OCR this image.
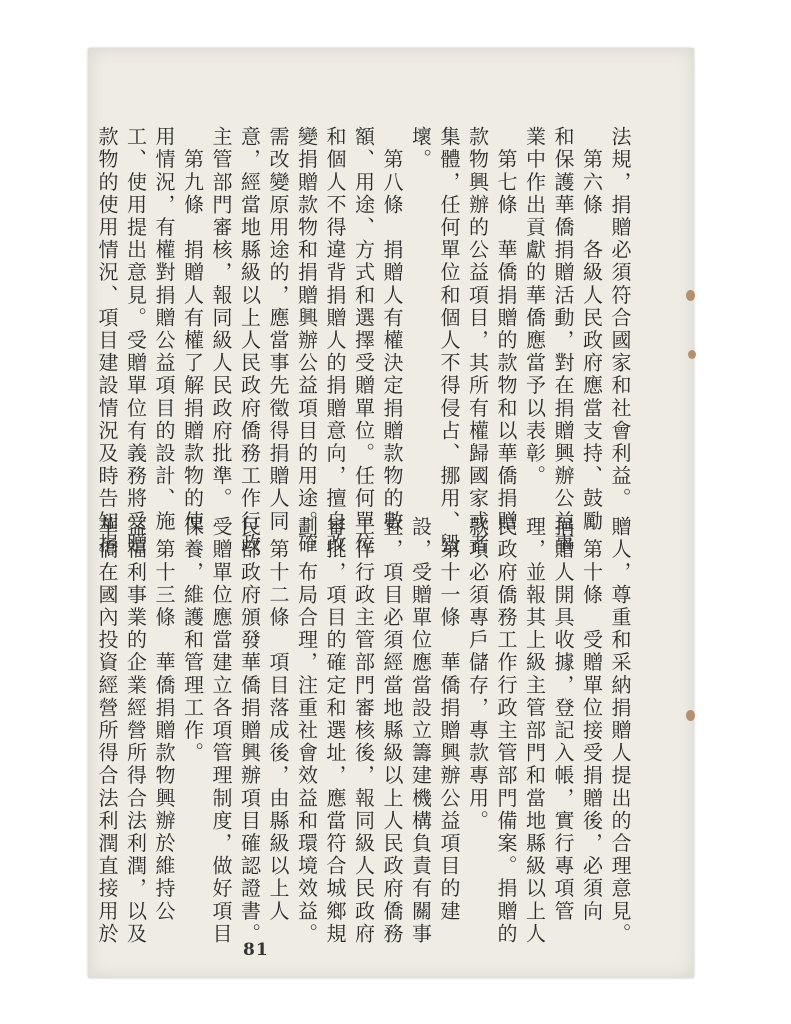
法規，捐贈必須符合國家和社會利益。

　第六條　各級人民政府應當支持、鼓勵

和保護華僑捐贈活動，對在捐贈興辦公益事

業中作出貢獻的華僑應當予以表彰。

　第七條　華僑捐贈的款物和以華僑捐贈

款物興辦的公益項目，其所有權歸國家或者

集體，任何單位和個人不得侵占、挪用、毀

壞。

　第八條　捐贈人有權決定捐贈款物的數

額、用途、方式和選擇受贈單位。任何單位

和個人不得違背捐贈人的捐贈意向，擅自改

變捐贈款物和捐贈興辦公益項目的用途。確

需改變原用途的，應當事先徵得捐贈人同

意，經當地縣級以上人民政府僑務工作行政

主管部門審核，報同級人民政府批準。

　第九條　捐贈人有權了解捐贈款物的使

用情況，有權對捐贈公益項目的設計、施

工、使用提出意見。受贈單位有義務將受贈

款物的使用情況、項目建設情況及時告知捐

贈人，尊重和采納捐贈人提出的合理意見。

　第十條　受贈單位接受捐贈後，必須向

捐贈人開具收據，登記入帳，實行專項管

理，並報其上級主管部門和當地縣級以上人

民政府僑務工作行政主管部門備案。捐贈的

款項必須專戶儲存，專款專用。

　第十一條　華僑捐贈興辦公益項目的建

設，受贈單位應當設立籌建機構負責有關事

宜，項目必須經當地縣級以上人民政府僑務

工作行政主管部門審核後，報同級人民政府

審批，項目的確定和選址，應當符合城鄉規

劃，布局合理，注重社會效益和環境效益。

　第十二條　項目落成後，由縣級以上人

民部政府頒發華僑捐贈興辦項目確認證書。

受贈單位應當建立各項管理制度，做好項目

保養，維護和管理工作。

　第十三條　華僑捐贈款物興辦於維持公

益福利事業的企業經營所得合法利潤，以及

華僑在國內投資經營所得合法利潤直接用於

81
